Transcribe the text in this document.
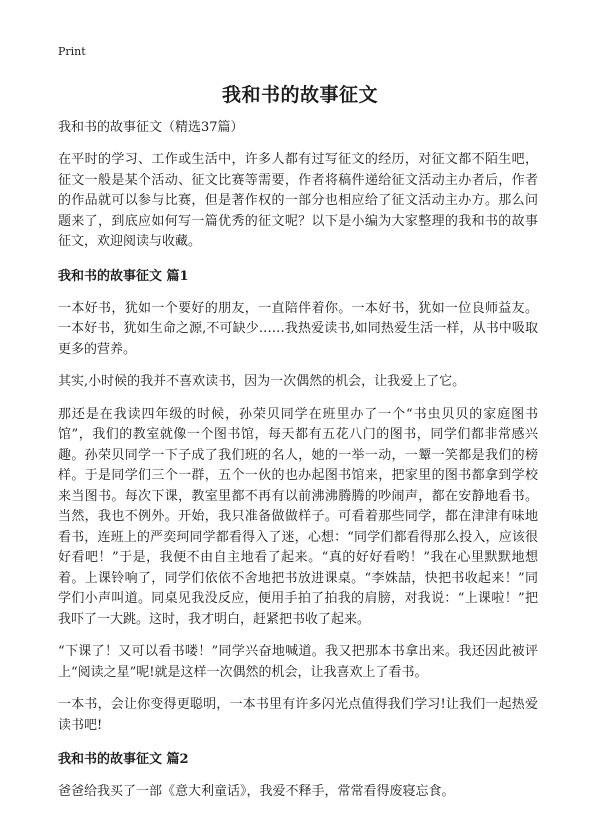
Print
我和书的故事征文
我和书的故事征文（精选37篇）

在平时的学习、工作或生活中，许多人都有过写征文的经历，对征文都不陌生吧，征文一般是某个活动、征文比赛等需要，作者将稿件递给征文活动主办者后，作者的作品就可以参与比赛，但是著作权的一部分也相应给了征文活动主办方。那么问题来了，到底应如何写一篇优秀的征文呢？以下是小编为大家整理的我和书的故事征文，欢迎阅读与收藏。

我和书的故事征文 篇1

一本好书，犹如一个要好的朋友，一直陪伴着你。一本好书，犹如一位良师益友。一本好书，犹如生命之源,不可缺少……我热爱读书,如同热爱生活一样，从书中吸取更多的营养。

其实,小时候的我并不喜欢读书，因为一次偶然的机会，让我爱上了它。

那还是在我读四年级的时候，孙荣贝同学在班里办了一个“书虫贝贝的家庭图书馆”，我们的教室就像一个图书馆，每天都有五花八门的图书，同学们都非常感兴趣。孙荣贝同学一下子成了我们班的名人，她的一举一动，一颦一笑都是我们的榜样。于是同学们三个一群，五个一伙的也办起图书馆来，把家里的图书都拿到学校来当图书。每次下课，教室里都不再有以前沸沸腾腾的吵闹声，都在安静地看书。当然，我也不例外。开始，我只准备做做样子。可看着那些同学，都在津津有味地看书，连班上的严奕珂同学都看得入了迷，心想：“同学们都看得那么投入，应该很好看吧！”于是，我便不由自主地看了起来。“真的好好看哟！”我在心里默默地想着。上课铃响了，同学们依依不舍地把书放进课桌。“李姝喆，快把书收起来！”同学们小声叫道。同桌见我没反应，便用手拍了拍我的肩膀，对我说：“上课啦！”把我吓了一大跳。这时，我才明白，赶紧把书收了起来。

“下课了！又可以看书喽！”同学兴奋地喊道。我又把那本书拿出来。我还因此被评上“阅读之星”呢!就是这样一次偶然的机会，让我喜欢上了看书。

一本书，会让你变得更聪明，一本书里有许多闪光点值得我们学习!让我们一起热爱读书吧!

我和书的故事征文 篇2

爸爸给我买了一部《意大利童话》，我爱不释手，常常看得废寝忘食。
